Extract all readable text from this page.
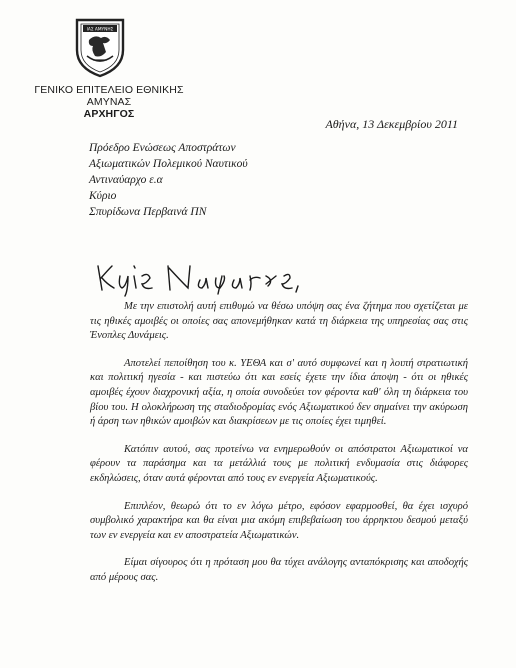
ΙΑΣ ΑΜΥΝΗΣ
ΓΕΝΙΚΟ ΕΠΙΤΕΛΕΙΟ ΕΘΝΙΚΗΣ ΑΜΥΝΑΣ
ΑΡΧΗΓΟΣ
Αθήνα, 13 Δεκεμβρίου 2011
Πρόεδρο Ενώσεως Αποστράτων
Αξιωματικών Πολεμικού Ναυτικού
Αντιναύαρχο ε.α
Κύριο
Σπυρίδωνα Περβαινά ΠΝ
Κύριε Ναύαρχε,

Με την επιστολή αυτή επιθυμώ να θέσω υπόψη σας ένα ζήτημα που σχετίζεται με τις ηθικές αμοιβές οι οποίες σας απονεμήθηκαν κατά τη διάρκεια της υπηρεσίας σας στις Ένοπλες Δυνάμεις.

Αποτελεί πεποίθηση του κ. ΥΕΘΑ και σ' αυτό συμφωνεί και η λοιπή στρατιωτική και πολιτική ηγεσία - και πιστεύω ότι και εσείς έχετε την ίδια άποψη - ότι οι ηθικές αμοιβές έχουν διαχρονική αξία, η οποία συνοδεύει τον φέροντα καθ' όλη τη διάρκεια του βίου του. Η ολοκλήρωση της σταδιοδρομίας ενός Αξιωματικού δεν σημαίνει την ακύρωση ή άρση των ηθικών αμοιβών και διακρίσεων με τις οποίες έχει τιμηθεί.

Κατόπιν αυτού, σας προτείνω να ενημερωθούν οι απόστρατοι Αξιωματικοί να φέρουν τα παράσημα και τα μετάλλιά τους με πολιτική ενδυμασία στις διάφορες εκδηλώσεις, όταν αυτά φέρονται από τους εν ενεργεία Αξιωματικούς.

Επιπλέον, θεωρώ ότι το εν λόγω μέτρο, εφόσον εφαρμοσθεί, θα έχει ισχυρό συμβολικό χαρακτήρα και θα είναι μια ακόμη επιβεβαίωση του άρρηκτου δεσμού μεταξύ των εν ενεργεία και εν αποστρατεία Αξιωματικών.

Είμαι σίγουρος ότι η πρόταση μου θα τύχει ανάλογης ανταπόκρισης και αποδοχής από μέρους σας.
